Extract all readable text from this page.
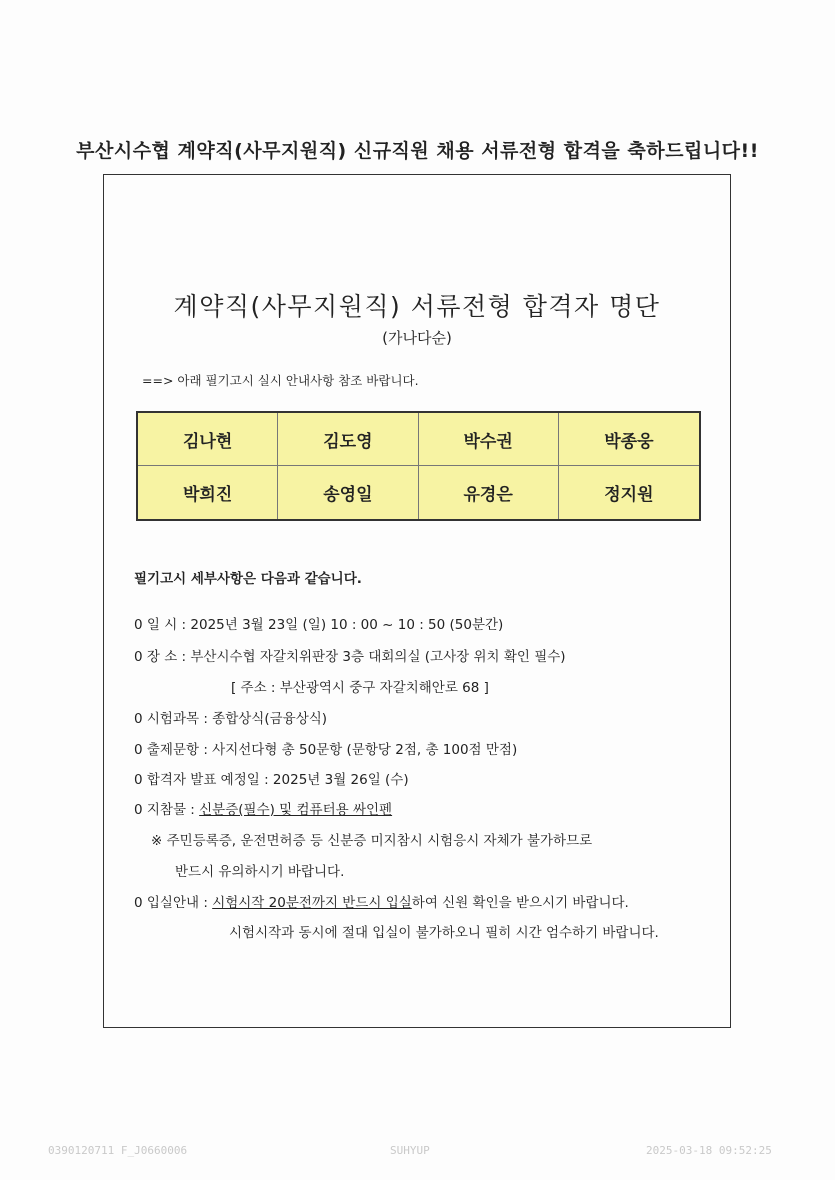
부산시수협 계약직(사무지원직) 신규직원 채용 서류전형 합격을 축하드립니다!!
계약직(사무지원직) 서류전형 합격자 명단
(가나다순)
==> 아래 필기고시 실시 안내사항 참조 바랍니다.
김나현	김도영	박수권	박종웅
박희진	송영일	유경은	정지원
필기고시 세부사항은 다음과 같습니다.
0 일 시 : 2025년 3월 23일 (일) 10 : 00 ~ 10 : 50 (50분간)
0 장 소 : 부산시수협 자갈치위판장 3층 대회의실 (고사장 위치 확인 필수)
[ 주소 : 부산광역시 중구 자갈치해안로 68 ]
0 시험과목 : 종합상식(금융상식)
0 출제문항 : 사지선다형 총 50문항 (문항당 2점, 총 100점 만점)
0 합격자 발표 예정일 : 2025년 3월 26일 (수)
0 지참물 : 신분증(필수) 및 컴퓨터용 싸인펜
※ 주민등록증, 운전면허증 등 신분증 미지참시 시험응시 자체가 불가하므로
반드시 유의하시기 바랍니다.
0 입실안내 : 시험시작 20분전까지 반드시 입실하여 신원 확인을 받으시기 바랍니다.
시험시작과 동시에 절대 입실이 불가하오니 필히 시간 엄수하기 바랍니다.
0390120711 F_J0660006	SUHYUP	2025-03-18 09:52:25
